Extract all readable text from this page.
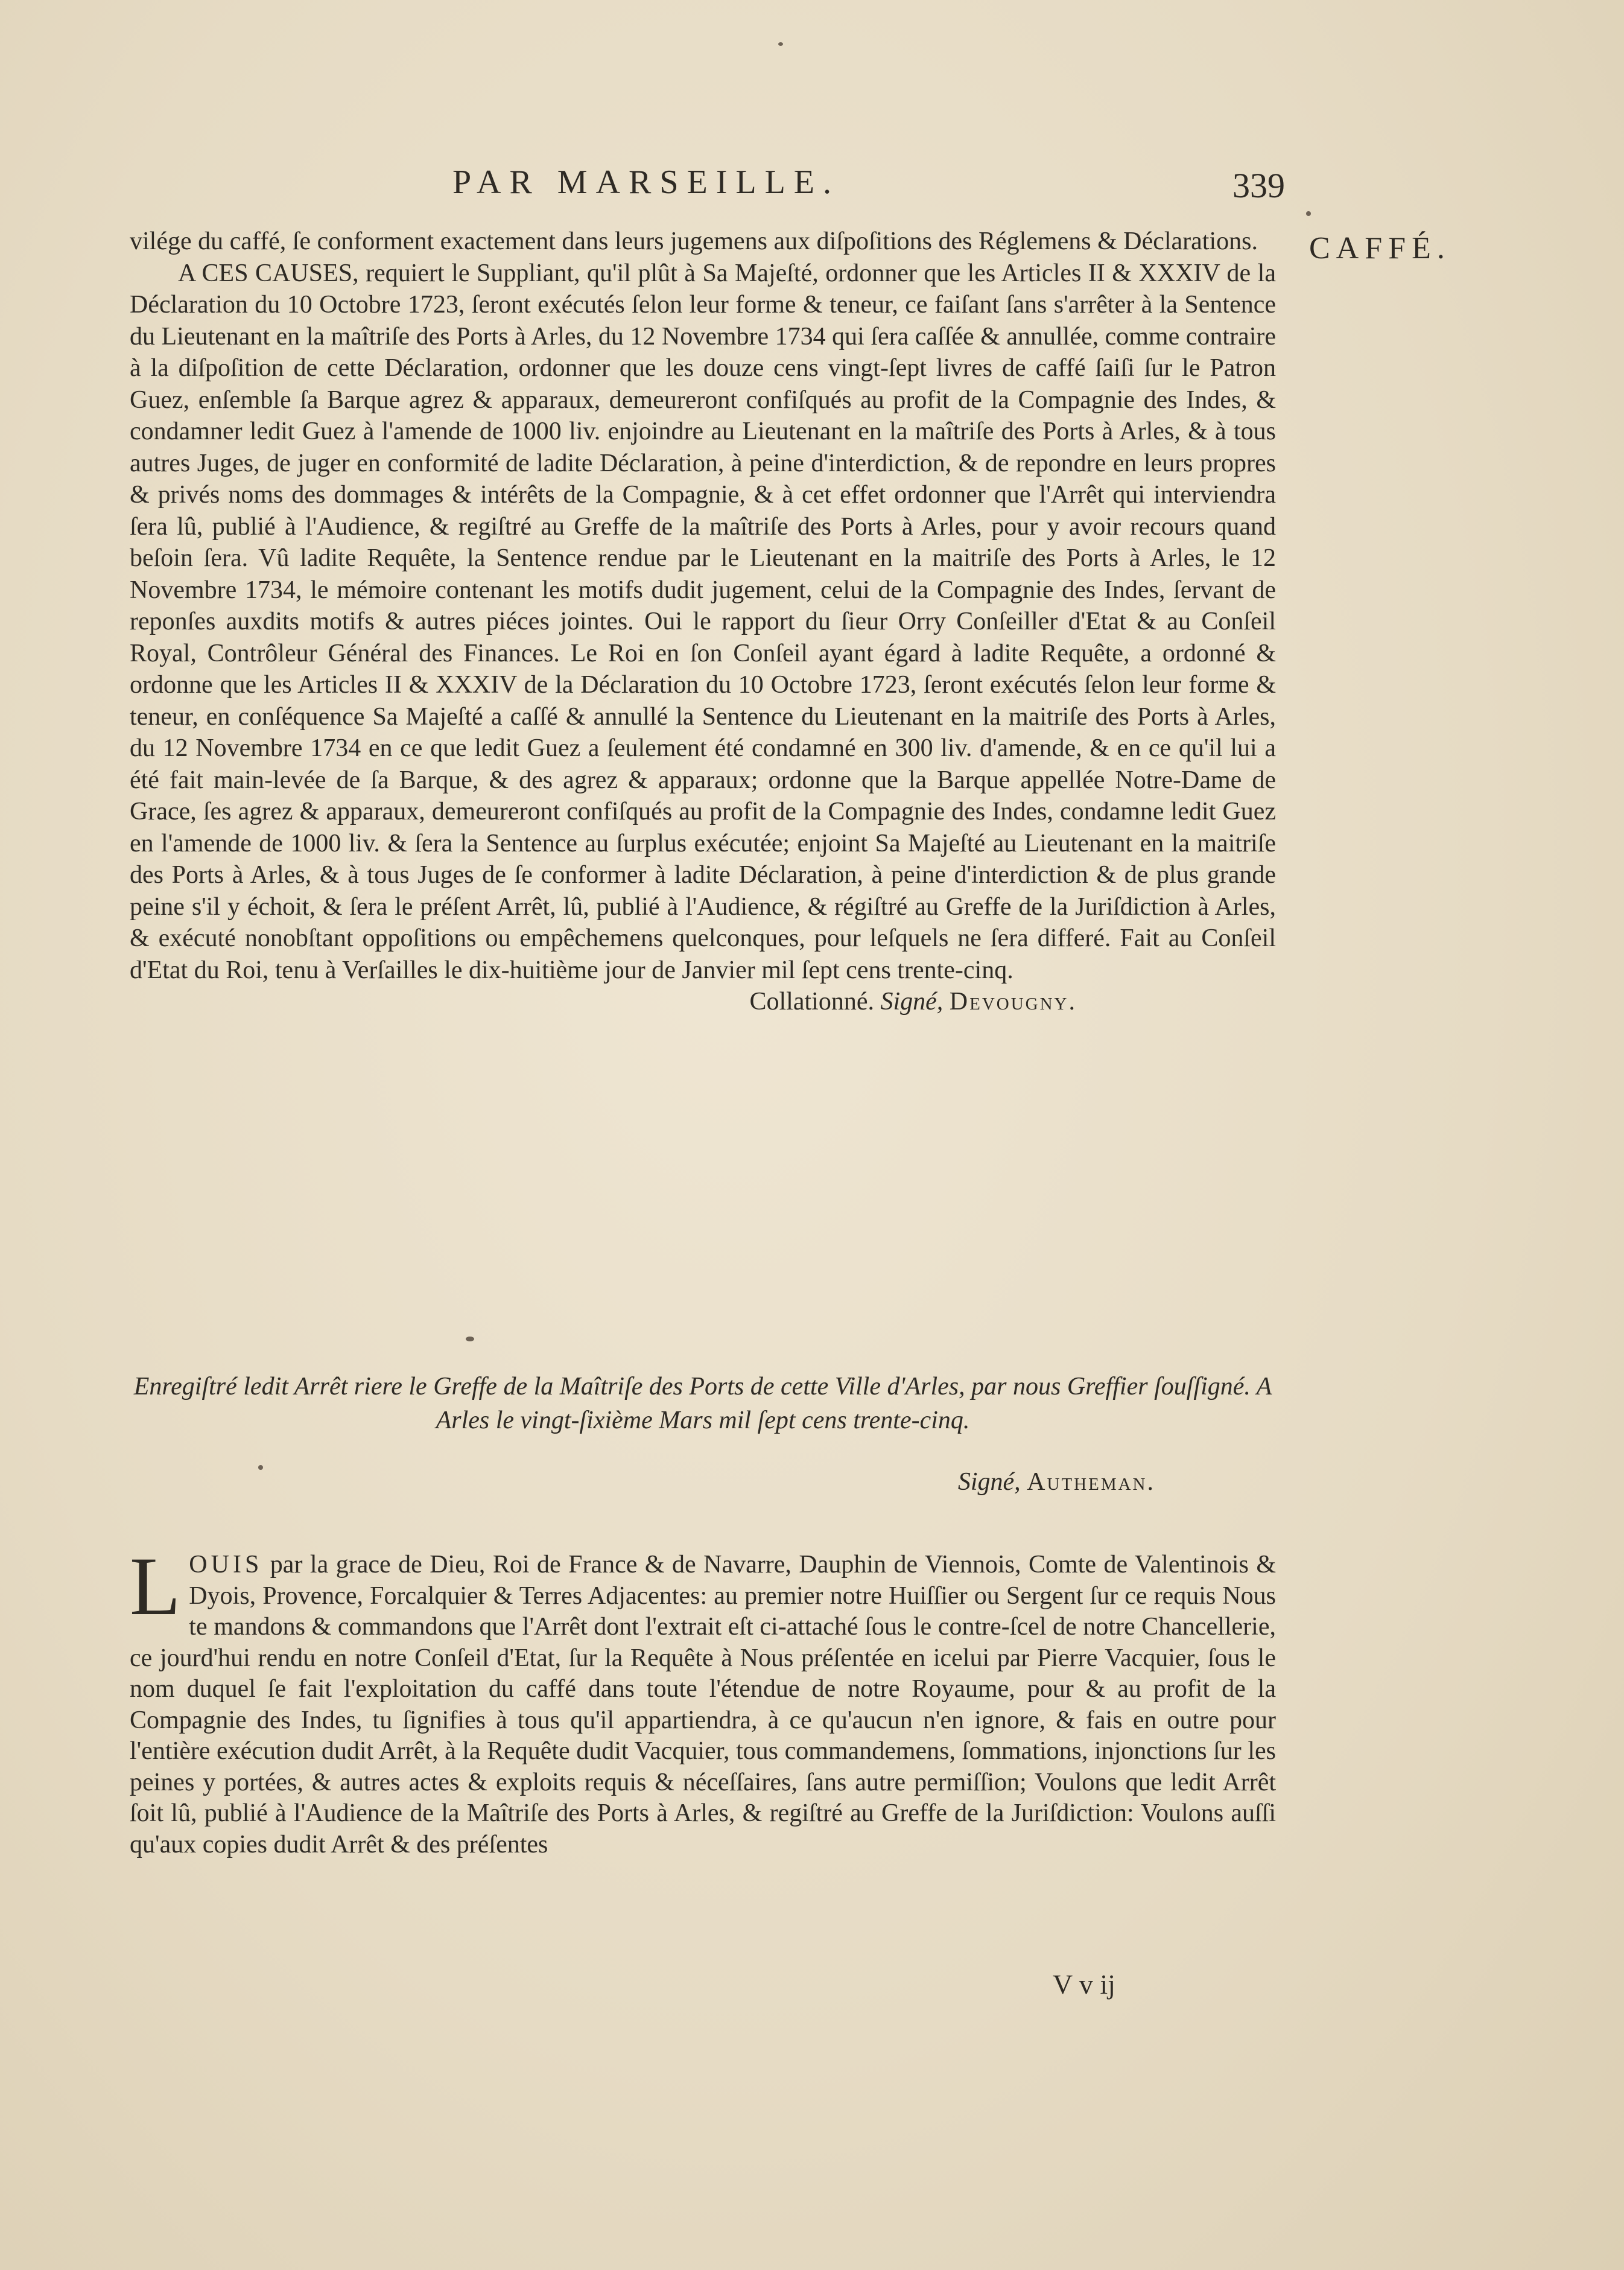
PAR MARSEILLE.	339
CAFFÉ.

vilége du caffé, ſe conforment exactement dans leurs jugemens aux diſpoſitions des Réglemens & Déclarations.

A CES CAUSES, requiert le Suppliant, qu'il plût à Sa Majeſté, ordonner que les Articles II & XXXIV de la Déclaration du 10 Octobre 1723, ſeront exécutés ſelon leur forme & teneur, ce faiſant ſans s'arrêter à la Sentence du Lieutenant en la maîtriſe des Ports à Arles, du 12 Novembre 1734 qui ſera caſſée & annullée, comme contraire à la diſpoſition de cette Déclaration, ordonner que les douze cens vingt-ſept livres de caffé ſaiſi ſur le Patron Guez, enſemble ſa Barque agrez & apparaux, demeureront confiſqués au profit de la Compagnie des Indes, & condamner ledit Guez à l'amende de 1000 liv. enjoindre au Lieutenant en la maîtriſe des Ports à Arles, & à tous autres Juges, de juger en conformité de ladite Déclaration, à peine d'interdiction, & de repondre en leurs propres & privés noms des dommages & intérêts de la Compagnie, & à cet effet ordonner que l'Arrêt qui interviendra ſera lû, publié à l'Audience, & regiſtré au Greffe de la maîtriſe des Ports à Arles, pour y avoir recours quand beſoin ſera. Vû ladite Requête, la Sentence rendue par le Lieutenant en la maitriſe des Ports à Arles, le 12 Novembre 1734, le mémoire contenant les motifs dudit jugement, celui de la Compagnie des Indes, ſervant de reponſes auxdits motifs & autres piéces jointes. Oui le rapport du ſieur Orry Conſeiller d'Etat & au Conſeil Royal, Contrôleur Général des Finances. Le Roi en ſon Conſeil ayant égard à ladite Requête, a ordonné & ordonne que les Articles II & XXXIV de la Déclaration du 10 Octobre 1723, ſeront exécutés ſelon leur forme & teneur, en conſéquence Sa Majeſté a caſſé & annullé la Sentence du Lieutenant en la maitriſe des Ports à Arles, du 12 Novembre 1734 en ce que ledit Guez a ſeulement été condamné en 300 liv. d'amende, & en ce qu'il lui a été fait main-levée de ſa Barque, & des agrez & apparaux; ordonne que la Barque appellée Notre-Dame de Grace, ſes agrez & apparaux, demeureront confiſqués au profit de la Compagnie des Indes, condamne ledit Guez en l'amende de 1000 liv. & ſera la Sentence au ſurplus exécutée; enjoint Sa Majeſté au Lieutenant en la maitriſe des Ports à Arles, & à tous Juges de ſe conformer à ladite Déclaration, à peine d'interdiction & de plus grande peine s'il y échoit, & ſera le préſent Arrêt, lû, publié à l'Audience, & régiſtré au Greffe de la Juriſdiction à Arles, & exécuté nonobſtant oppoſitions ou empêchemens quelconques, pour leſquels ne ſera differé. Fait au Conſeil d'Etat du Roi, tenu à Verſailles le dix-huitième jour de Janvier mil ſept cens trente-cinq.

Collationné. Signé, Devougny.

Enregiſtré ledit Arrêt riere le Greffe de la Maîtriſe des Ports de cette Ville d'Arles, par nous Greffier ſouſſigné. A Arles le vingt-ſixième Mars mil ſept cens trente-cinq.
Signé, Autheman.
L OUIS par la grace de Dieu, Roi de France & de Navarre, Dauphin de Viennois, Comte de Valentinois & Dyois, Provence, Forcalquier & Terres Adjacentes: au premier notre Huiſſier ou Sergent ſur ce requis Nous te mandons & commandons que l'Arrêt dont l'extrait eſt ci-attaché ſous le contre-ſcel de notre Chancellerie, ce jourd'hui rendu en notre Conſeil d'Etat, ſur la Requête à Nous préſentée en icelui par Pierre Vacquier, ſous le nom duquel ſe fait l'exploitation du caffé dans toute l'étendue de notre Royaume, pour & au profit de la Compagnie des Indes, tu ſignifies à tous qu'il appartiendra, à ce qu'aucun n'en ignore, & fais en outre pour l'entière exécution dudit Arrêt, à la Requête dudit Vacquier, tous commandemens, ſommations, injonctions ſur les peines y portées, & autres actes & exploits requis & néceſſaires, ſans autre permiſſion; Voulons que ledit Arrêt ſoit lû, publié à l'Audience de la Maîtriſe des Ports à Arles, & regiſtré au Greffe de la Juriſdiction: Voulons auſſi qu'aux copies dudit Arrêt & des préſentes
V v ij
